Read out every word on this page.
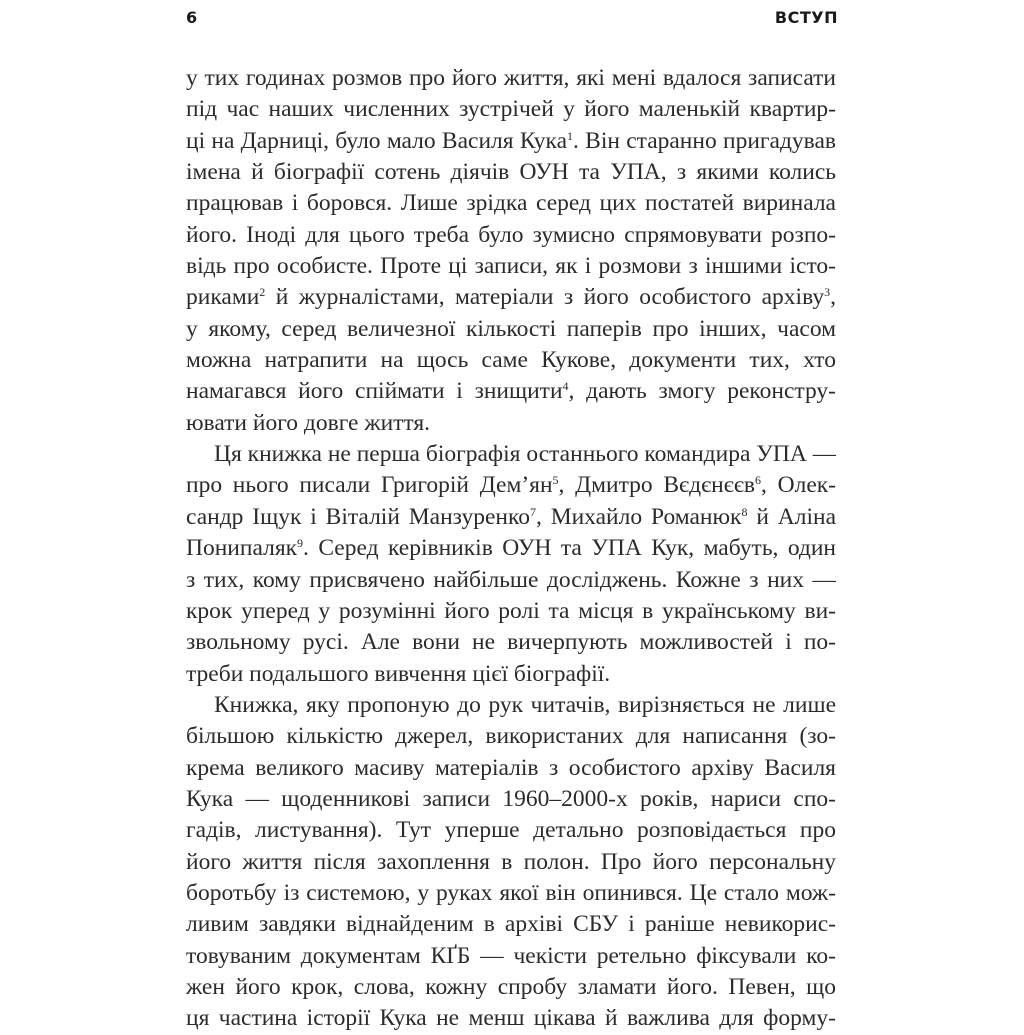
6	ВСТУП
у тих годинах розмов про його життя, які мені вдалося записати
під час наших численних зустрічей у його маленькій квартир-
ці на Дарниці, було мало Василя Кука$^1$. Він старанно пригадував
імена й біографії сотень діячів ОУН та УПА, з якими колись
працював і боровся. Лише зрідка серед цих постатей виринала
його. Іноді для цього треба було зумисно спрямовувати розпо-
відь про особисте. Проте ці записи, як і розмови з іншими істо-
риками$^2$ й журналістами, матеріали з його особистого архіву$^3$,
у якому, серед величезної кількості паперів про інших, часом
можна натрапити на щось саме Кукове, документи тих, хто
намагався його спіймати і знищити$^4$, дають змогу реконстру-
ювати його довге життя.
Ця книжка не перша біографія останнього командира УПА —
про нього писали Григорій $Дем’ян^5$, Дмитро Вєдєнєєв$^6$, Олек-
сандр Іщук і Віталій Манзуренко$^7$, Михайло Романюк$^8$ й Аліна
Понипаляк$^9$. Серед керівників ОУН та УПА Кук, мабуть, один
з тих, кому присвячено найбільше досліджень. Кожне з них —
крок уперед у розумінні його ролі та місця в українському ви-
звольному русі. Але вони не вичерпують можливостей і по-
треби подальшого вивчення цієї біографії.
Книжка, яку пропоную до рук читачів, вирізняється не лише
більшою кількістю джерел, використаних для написання (зо-
крема великого масиву матеріалів з особистого архіву Василя
Кука — щоденникові записи 1960–2000-х років, нариси спо-
гадів, листування). Тут уперше детально розповідається про
його життя після захоплення в полон. Про його персональну
боротьбу із системою, у руках якої він опинився. Це стало мож-
ливим завдяки віднайденим в архіві СБУ і раніше невикорис-
товуваним документам КҐБ — чекісти ретельно фіксували ко-
жен його крок, слова, кожну спробу зламати його. Певен, що
ця частина історії Кука не менш цікава й важлива для форму-
